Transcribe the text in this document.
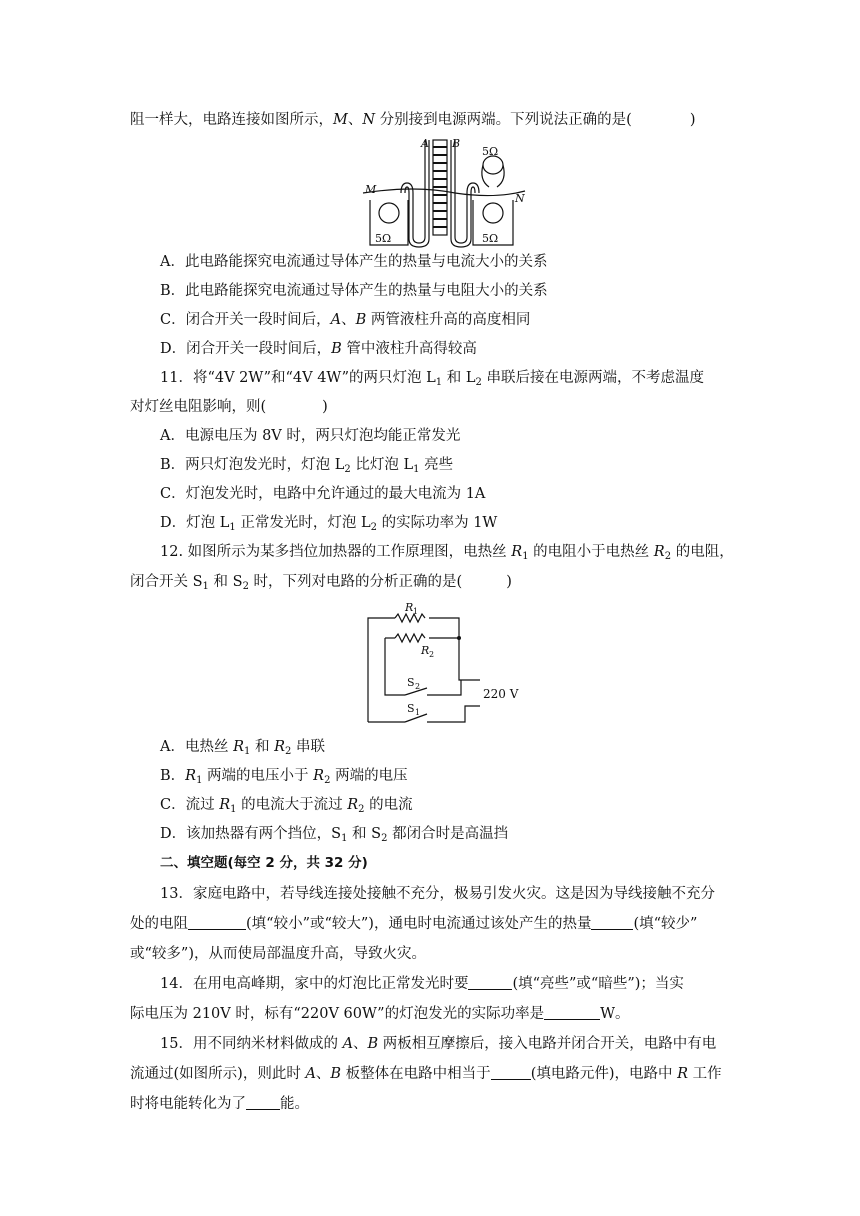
阻一样大，电路连接如图所示，M、N 分别接到电源两端。下列说法正确的是(	)
A B
M
N
5Ω
5Ω	5Ω
A．此电路能探究电流通过导体产生的热量与电流大小的关系
B．此电路能探究电流通过导体产生的热量与电阻大小的关系
C．闭合开关一段时间后，A、B 两管液柱升高的高度相同
D．闭合开关一段时间后，B 管中液柱升高得较高
11．将“4V 2W”和“4V 4W”的两只灯泡 $L_1$ 和 $L_2$ 串联后接在电源两端，不考虑温度
对灯丝电阻影响，则(	)
A．电源电压为 8V 时，两只灯泡均能正常发光
B．两只灯泡发光时，灯泡 $L_2$ 比灯泡 $L_1$ 亮些
C．灯泡发光时，电路中允许通过的最大电流为 1A
D．灯泡 $L_1$ 正常发光时，灯泡 $L_2$ 的实际功率为 1W
12. 如图所示为某多挡位加热器的工作原理图，电热丝 $R_1$ 的电阻小于电热丝 $R_2$ 的电阻，
闭合开关 $S_1$ 和 $S_2$ 时，下列对电路的分析正确的是(	)
R 1
R 2
S 2
S 1
220 V
A．电热丝 $R_1$ 和 $R_2$ 串联
B．$R_1$ 两端的电压小于 $R_2$ 两端的电压
C．流过 $R_1$ 的电流大于流过 $R_2$ 的电流
D．该加热器有两个挡位，$S_1$ 和 $S_2$ 都闭合时是高温挡
二、填空题(每空 2 分，共 32 分)
13．家庭电路中，若导线连接处接触不充分，极易引发火灾。这是因为导线接触不充分
处的电阻	(填“较小”或“较大”)，通电时电流通过该处产生的热量	(填“较少”
或“较多”)，从而使局部温度升高，导致火灾。
14．在用电高峰期，家中的灯泡比正常发光时要	(填“亮些”或“暗些”)；当实
际电压为 210V 时，标有“220V 60W”的灯泡发光的实际功率是	W。
15．用不同纳米材料做成的 A、B 两板相互摩擦后，接入电路并闭合开关，电路中有电
流通过(如图所示)，则此时 A、B 板整体在电路中相当于	(填电路元件)，电路中 R 工作
时将电能转化为了 能。
